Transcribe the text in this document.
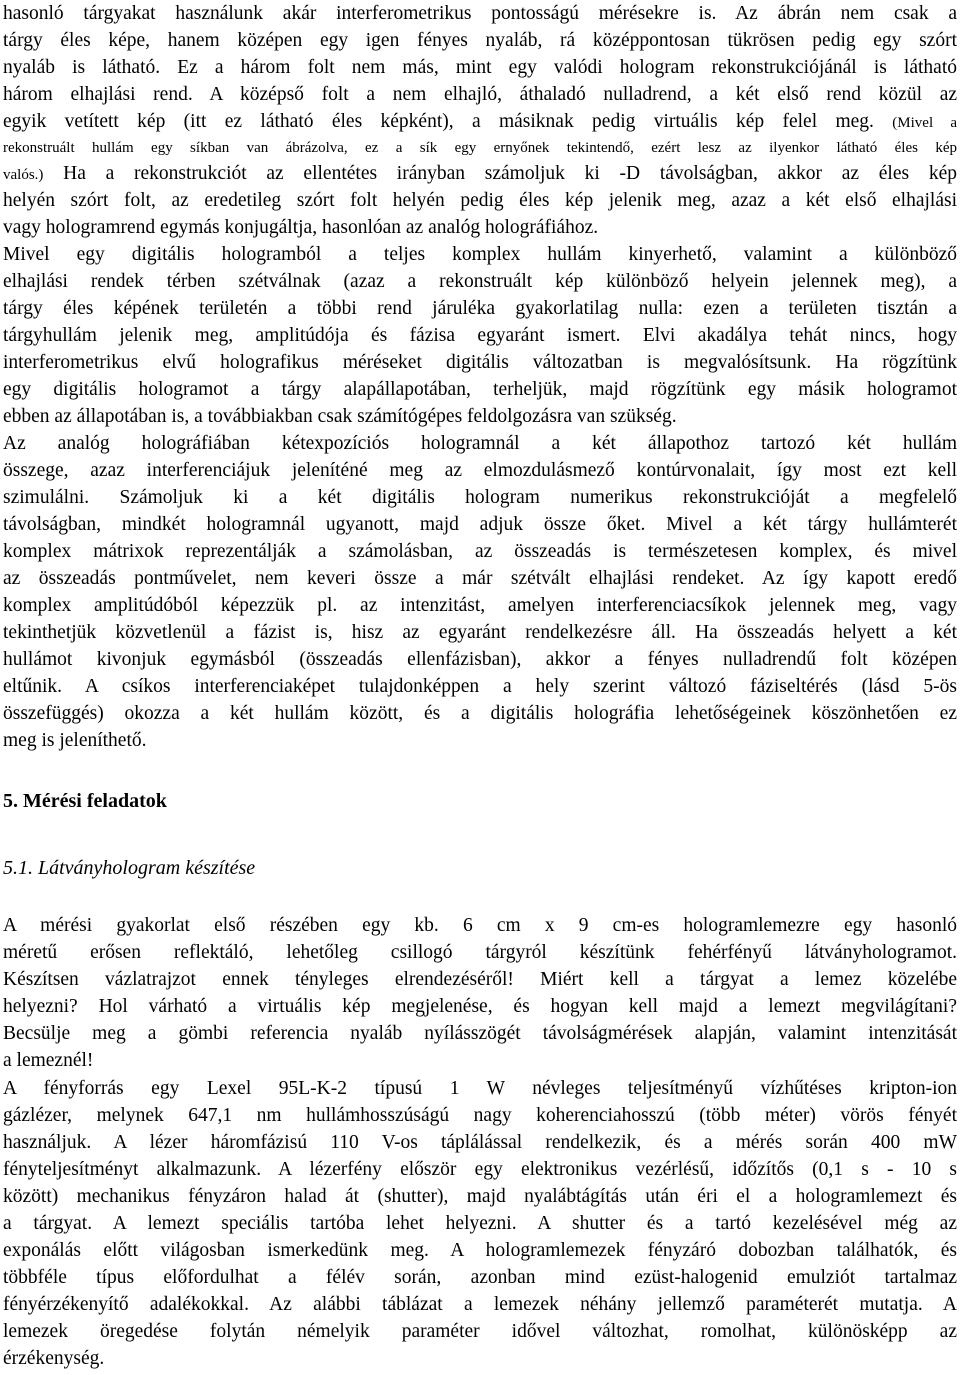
hasonló tárgyakat használunk akár interferometrikus pontosságú mérésekre is. Az ábrán nem csak a
tárgy éles képe, hanem középen egy igen fényes nyaláb, rá középpontosan tükrösen pedig egy szórt
nyaláb is látható. Ez a három folt nem más, mint egy valódi hologram rekonstrukciójánál is látható
három elhajlási rend. A középső folt a nem elhajló, áthaladó nulladrend, a két első rend közül az
egyik vetített kép (itt ez látható éles képként), a másiknak pedig virtuális kép felel meg. (Mivel a
rekonstruált hullám egy síkban van ábrázolva, ez a sík egy ernyőnek tekintendő, ezért lesz az ilyenkor látható éles kép
valós.) Ha a rekonstrukciót az ellentétes irányban számoljuk ki -D távolságban, akkor az éles kép
helyén szórt folt, az eredetileg szórt folt helyén pedig éles kép jelenik meg, azaz a két első elhajlási
vagy hologramrend egymás konjugáltja, hasonlóan az analóg holográfiához.
Mivel egy digitális hologramból a teljes komplex hullám kinyerhető, valamint a különböző
elhajlási rendek térben szétválnak (azaz a rekonstruált kép különböző helyein jelennek meg), a
tárgy éles képének területén a többi rend járuléka gyakorlatilag nulla: ezen a területen tisztán a
tárgyhullám jelenik meg, amplitúdója és fázisa egyaránt ismert. Elvi akadálya tehát nincs, hogy
interferometrikus elvű holografikus méréseket digitális változatban is megvalósítsunk. Ha rögzítünk
egy digitális hologramot a tárgy alapállapotában, terheljük, majd rögzítünk egy másik hologramot
ebben az állapotában is, a továbbiakban csak számítógépes feldolgozásra van szükség.
Az analóg holográfiában kétexpozíciós hologramnál a két állapothoz tartozó két hullám
összege, azaz interferenciájuk jeleníténé meg az elmozdulásmező kontúrvonalait, így most ezt kell
szimulálni. Számoljuk ki a két digitális hologram numerikus rekonstrukcióját a megfelelő
távolságban, mindkét hologramnál ugyanott, majd adjuk össze őket. Mivel a két tárgy hullámterét
komplex mátrixok reprezentálják a számolásban, az összeadás is természetesen komplex, és mivel
az összeadás pontművelet, nem keveri össze a már szétvált elhajlási rendeket. Az így kapott eredő
komplex amplitúdóból képezzük pl. az intenzitást, amelyen interferenciacsíkok jelennek meg, vagy
tekinthetjük közvetlenül a fázist is, hisz az egyaránt rendelkezésre áll. Ha összeadás helyett a két
hullámot kivonjuk egymásból (összeadás ellenfázisban), akkor a fényes nulladrendű folt középen
eltűnik. A csíkos interferenciaképet tulajdonképpen a hely szerint változó fáziseltérés (lásd 5-ös
összefüggés) okozza a két hullám között, és a digitális holográfia lehetőségeinek köszönhetően ez
meg is jeleníthető.
5. Mérési feladatok
5.1. Látványhologram készítése
A mérési gyakorlat első részében egy kb. 6 cm x 9 cm-es hologramlemezre egy hasonló
méretű erősen reflektáló, lehetőleg csillogó tárgyról készítünk fehérfényű látványhologramot.
Készítsen vázlatrajzot ennek tényleges elrendezéséről! Miért kell a tárgyat a lemez közelébe
helyezni? Hol várható a virtuális kép megjelenése, és hogyan kell majd a lemezt megvilágítani?
Becsülje meg a gömbi referencia nyaláb nyílásszögét távolságmérések alapján, valamint intenzitását
a lemeznél!
A fényforrás egy Lexel 95L-K-2 típusú 1 W névleges teljesítményű vízhűtéses kripton-ion
gázlézer, melynek 647,1 nm hullámhosszúságú nagy koherenciahosszú (több méter) vörös fényét
használjuk. A lézer háromfázisú 110 V-os táplálással rendelkezik, és a mérés során 400 mW
fényteljesítményt alkalmazunk. A lézerfény először egy elektronikus vezérlésű, időzítős (0,1 s - 10 s
között) mechanikus fényzáron halad át (shutter), majd nyalábtágítás után éri el a hologramlemezt és
a tárgyat. A lemezt speciális tartóba lehet helyezni. A shutter és a tartó kezelésével még az
exponálás előtt világosban ismerkedünk meg. A hologramlemezek fényzáró dobozban találhatók, és
többféle típus előfordulhat a félév során, azonban mind ezüst-halogenid emulziót tartalmaz
fényérzékenyítő adalékokkal. Az alábbi táblázat a lemezek néhány jellemző paraméterét mutatja. A
lemezek öregedése folytán némelyik paraméter idővel változhat, romolhat, különösképp az
érzékenység.
